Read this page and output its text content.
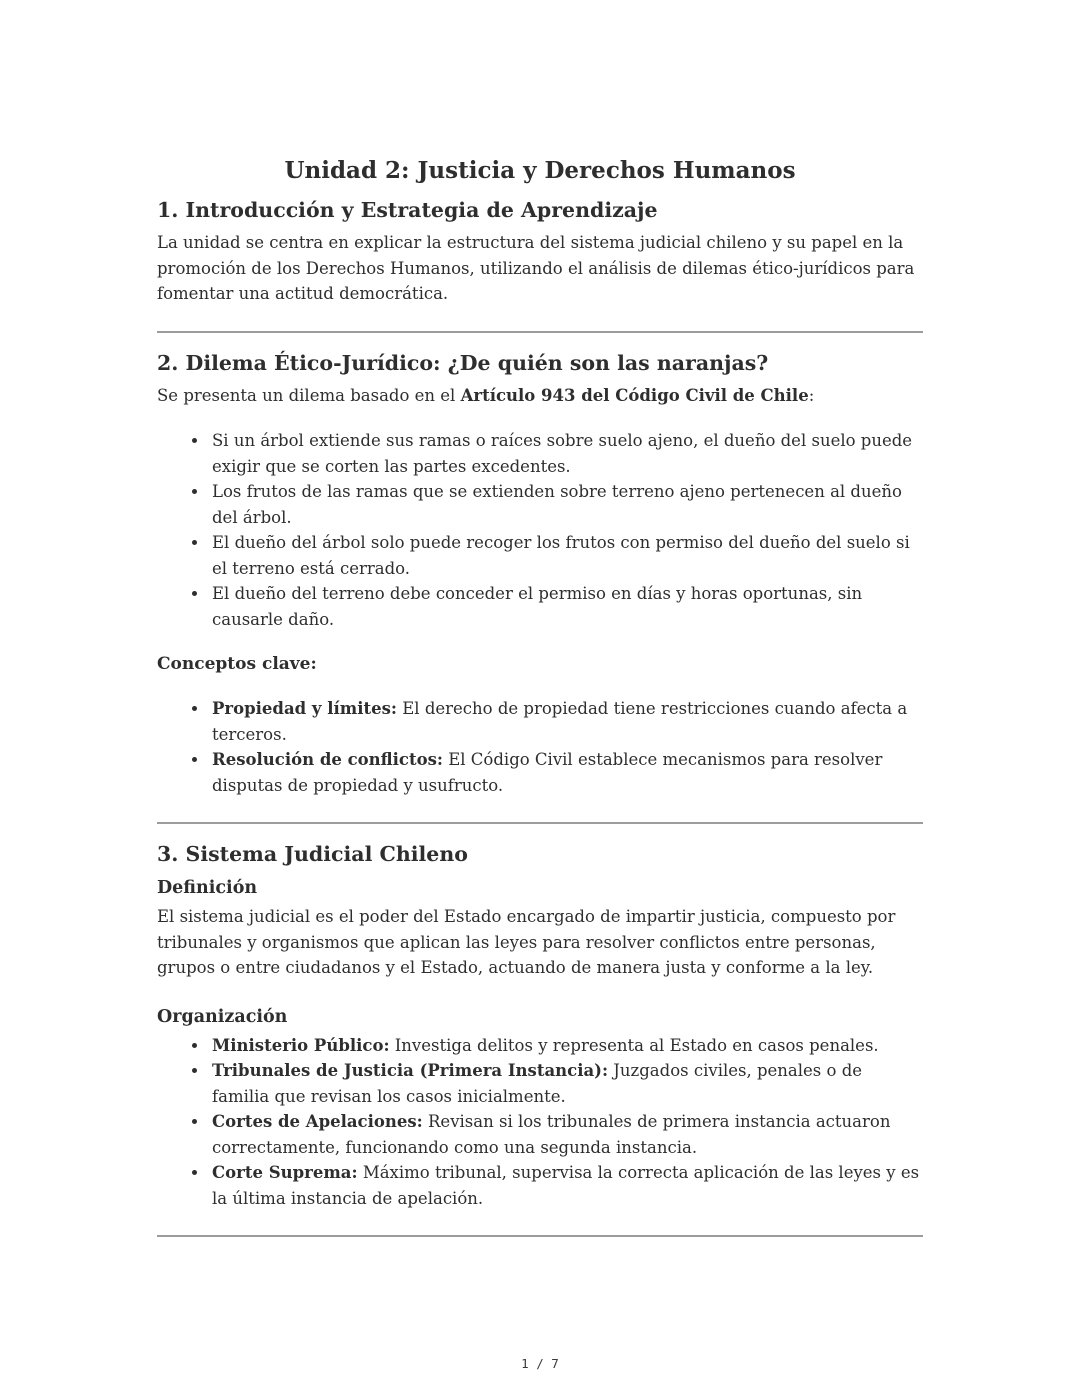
Unidad 2: Justicia y Derechos Humanos
1. Introducción y Estrategia de Aprendizaje

La unidad se centra en explicar la estructura del sistema judicial chileno y su papel en la promoción de los Derechos Humanos, utilizando el análisis de dilemas ético-jurídicos para fomentar una actitud democrática.

2. Dilema Ético-Jurídico: ¿De quién son las naranjas?

Se presenta un dilema basado en el Artículo 943 del Código Civil de Chile:

• Si un árbol extiende sus ramas o raíces sobre suelo ajeno, el dueño del suelo puede exigir que se corten las partes excedentes.
• Los frutos de las ramas que se extienden sobre terreno ajeno pertenecen al dueño del árbol.
• El dueño del árbol solo puede recoger los frutos con permiso del dueño del suelo si el terreno está cerrado.
• El dueño del terreno debe conceder el permiso en días y horas oportunas, sin causarle daño.

Conceptos clave:

• Propiedad y límites: El derecho de propiedad tiene restricciones cuando afecta a terceros.
• Resolución de conflictos: El Código Civil establece mecanismos para resolver disputas de propiedad y usufructo.
3. Sistema Judicial Chileno
Definición

El sistema judicial es el poder del Estado encargado de impartir justicia, compuesto por tribunales y organismos que aplican las leyes para resolver conflictos entre personas, grupos o entre ciudadanos y el Estado, actuando de manera justa y conforme a la ley.

Organización
• Ministerio Público: Investiga delitos y representa al Estado en casos penales.
• Tribunales de Justicia (Primera Instancia): Juzgados civiles, penales o de familia que revisan los casos inicialmente.
• Cortes de Apelaciones: Revisan si los tribunales de primera instancia actuaron correctamente, funcionando como una segunda instancia.
• Corte Suprema: Máximo tribunal, supervisa la correcta aplicación de las leyes y es la última instancia de apelación.
1 / 7
